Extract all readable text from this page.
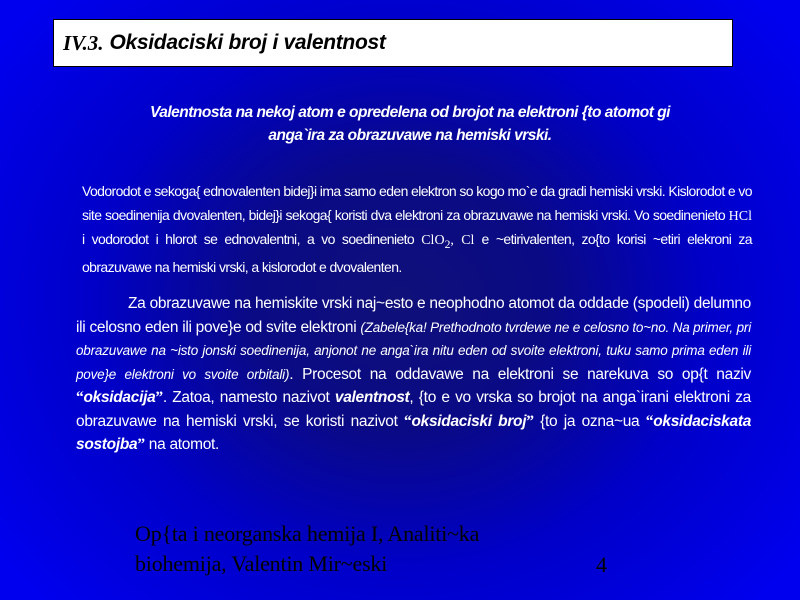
IV.3. Oksidaciski broj i valentnost
Valentnosta na nekoj atom e opredelena od brojot na elektroni {to atomot gi
anga`ira za obrazuvawe na hemiski vrski.

Vodorodot e sekoga{ ednovalenten bidej}i ima samo eden elektron so kogo mo`e da gradi hemiski vrski. Kislorodot e vo site soedinenija dvovalenten, bidej}i sekoga{ koristi dva elektroni za obrazuvawe na hemiski vrski. Vo soedinenieto HCl i vodorodot i hlorot se ednovalentni, a vo soedinenieto ClO$_2$, Cl e ~etirivalenten, zo{to korisi ~etiri elekroni za obrazuvawe na hemiski vrski, a kislorodot e dvovalenten.

Za obrazuvawe na hemiskite vrski naj~esto e neophodno atomot da oddade (spodeli) delumno ili celosno eden ili pove}e od svite elektroni (Zabele{ka! Prethodnoto tvrdewe ne e celosno to~no. Na primer, pri obrazuvawe na ~isto jonski soedinenija, anjonot ne anga`ira nitu eden od svoite elektroni, tuku samo prima eden ili pove}e elektroni vo svoite orbitali). Procesot na oddavawe na elektroni se narekuva so op{t naziv “oksidacija”. Zatoa, namesto nazivot valentnost, {to e vo vrska so brojot na anga`irani elektroni za obrazuvawe na hemiski vrski, se koristi nazivot “oksidaciski broj” {to ja ozna~ua “oksidaciskata sostojba” na atomot.

Op{ta i neorganska hemija I, Analiti~ka
biohemija, Valentin Mir~eski	4
